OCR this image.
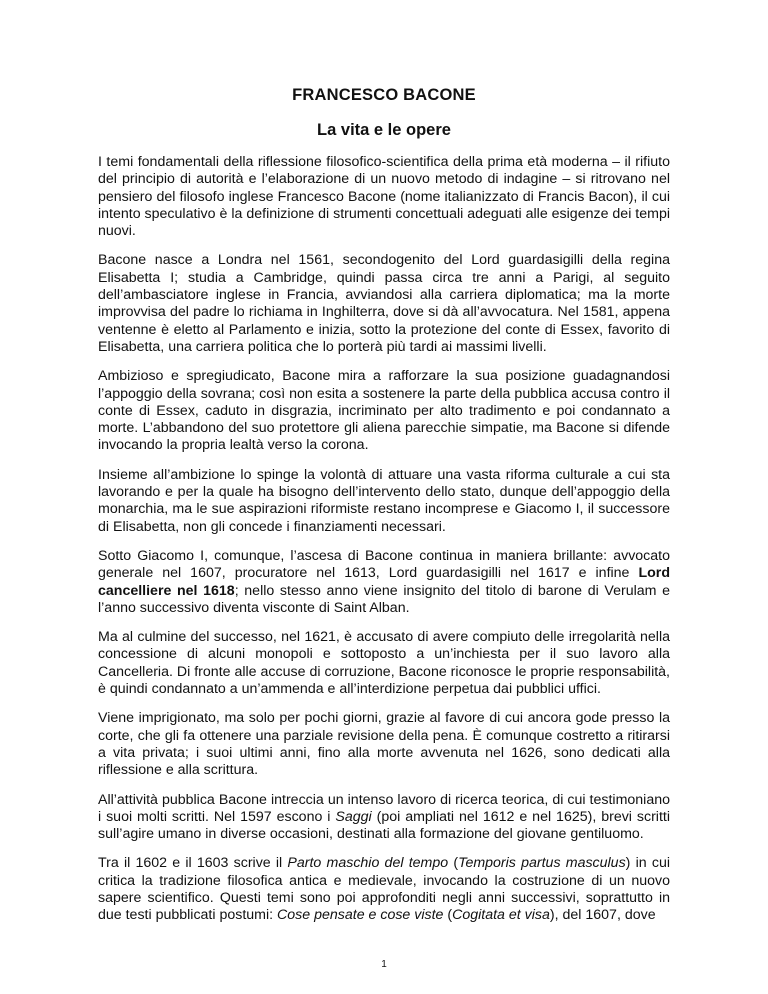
FRANCESCO BACONE
La vita e le opere

I temi fondamentali della riflessione filosofico-scientifica della prima età moderna – il rifiuto del principio di autorità e l’elaborazione di un nuovo metodo di indagine – si ritrovano nel pensiero del filosofo inglese Francesco Bacone (nome italianizzato di Francis Bacon), il cui intento speculativo è la definizione di strumenti concettuali adeguati alle esigenze dei tempi nuovi.

Bacone nasce a Londra nel 1561, secondogenito del Lord guardasigilli della regina Elisabetta I; studia a Cambridge, quindi passa circa tre anni a Parigi, al seguito dell’ambasciatore inglese in Francia, avviandosi alla carriera diplomatica; ma la morte improvvisa del padre lo richiama in Inghilterra, dove si dà all’avvocatura. Nel 1581, appena ventenne è eletto al Parlamento e inizia, sotto la protezione del conte di Essex, favorito di Elisabetta, una carriera politica che lo porterà più tardi ai massimi livelli.

Ambizioso e spregiudicato, Bacone mira a rafforzare la sua posizione guadagnandosi l’appoggio della sovrana; così non esita a sostenere la parte della pubblica accusa contro il conte di Essex, caduto in disgrazia, incriminato per alto tradimento e poi condannato a morte. L’abbandono del suo protettore gli aliena parecchie simpatie, ma Bacone si difende invocando la propria lealtà verso la corona.

Insieme all’ambizione lo spinge la volontà di attuare una vasta riforma culturale a cui sta lavorando e per la quale ha bisogno dell’intervento dello stato, dunque dell’appoggio della monarchia, ma le sue aspirazioni riformiste restano incomprese e Giacomo I, il successore di Elisabetta, non gli concede i finanziamenti necessari.

Sotto Giacomo I, comunque, l’ascesa di Bacone continua in maniera brillante: avvocato generale nel 1607, procuratore nel 1613, Lord guardasigilli nel 1617 e infine Lord cancelliere nel 1618; nello stesso anno viene insignito del titolo di barone di Verulam e l’anno successivo diventa visconte di Saint Alban.

Ma al culmine del successo, nel 1621, è accusato di avere compiuto delle irregolarità nella concessione di alcuni monopoli e sottoposto a un’inchiesta per il suo lavoro alla Cancelleria. Di fronte alle accuse di corruzione, Bacone riconosce le proprie responsabilità, è quindi condannato a un’ammenda e all’interdizione perpetua dai pubblici uffici.

Viene imprigionato, ma solo per pochi giorni, grazie al favore di cui ancora gode presso la corte, che gli fa ottenere una parziale revisione della pena. È comunque costretto a ritirarsi a vita privata; i suoi ultimi anni, fino alla morte avvenuta nel 1626, sono dedicati alla riflessione e alla scrittura.

All’attività pubblica Bacone intreccia un intenso lavoro di ricerca teorica, di cui testimoniano i suoi molti scritti. Nel 1597 escono i Saggi (poi ampliati nel 1612 e nel 1625), brevi scritti sull’agire umano in diverse occasioni, destinati alla formazione del giovane gentiluomo.

Tra il 1602 e il 1603 scrive il Parto maschio del tempo (Temporis partus masculus) in cui critica la tradizione filosofica antica e medievale, invocando la costruzione di un nuovo sapere scientifico. Questi temi sono poi approfonditi negli anni successivi, soprattutto in due testi pubblicati postumi: Cose pensate e cose viste (Cogitata et visa), del 1607, dove

1
